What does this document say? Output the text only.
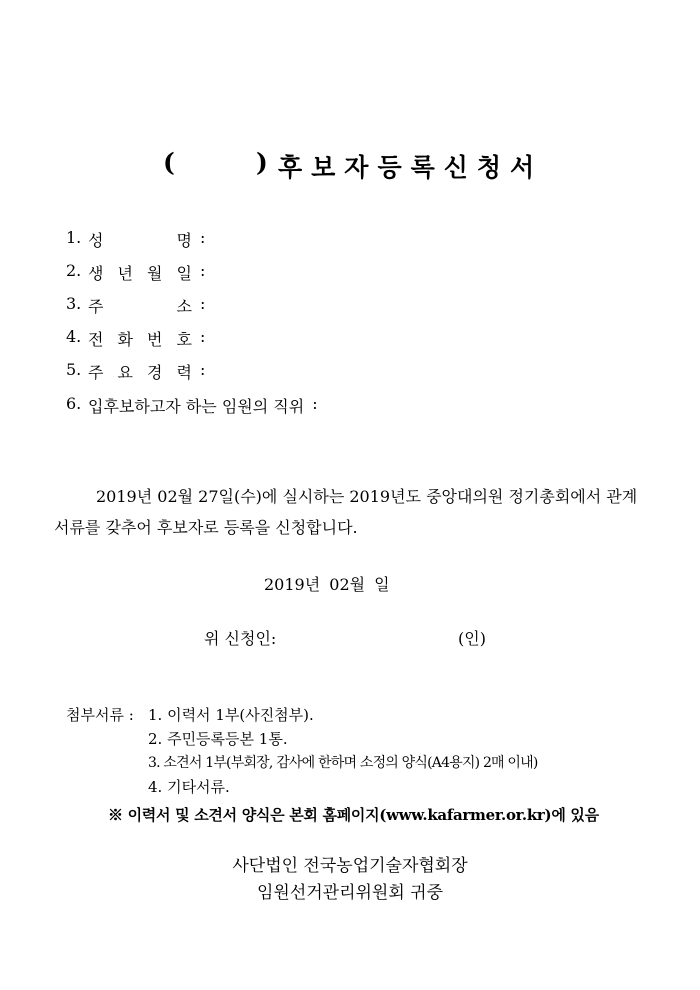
(	) 후보자등록신청서
1. 성	명 :
2. 생 년 월 일 :
3. 주	소 :
4. 전 화 번 호 :
5. 주 요 경 력 :
6. 입후보하고자 하는 임원의 직위 :
2019년 02월 27일(수)에 실시하는 2019년도 중앙대의원 정기총회에서 관계 서류를 갖추어 후보자로 등록을 신청합니다.
2019년 02월 일
위 신청인:	(인)
첨부서류 : 1. 이력서 1부(사진첨부).
2. 주민등록등본 1통.
3. 소견서 1부(부회장, 감사에 한하며 소정의 양식(A4용지) 2매 이내)
4. 기타서류.
※ 이력서 및 소견서 양식은 본회 홈페이지(www.kafarmer.or.kr)에 있음
사단법인 전국농업기술자협회장
임원선거관리위원회 귀중
